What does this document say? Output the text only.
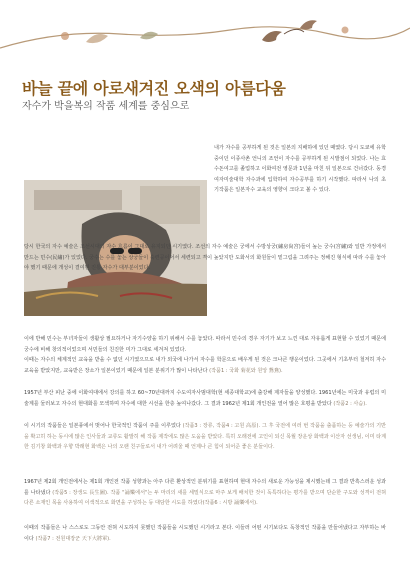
바늘 끝에 아로새겨진 오색의 아름다움

자수가 박을복의 작품 세계를 중심으로

내가 자수를 공부하게 된 것은 일본의 지배하에 있던 때였다. 당시 도쿄에 유학 중이던 이종사촌 언니의 조언이 자수를 공부하게 된 시발점이 되었다. 나는 효수돈여고를 졸업하고 이화여전 영문과 1년을 마친 뒤 일본으로 건너갔다. 동경여자미술대학 자수과에 입학하여 자수공부를 하기 시작했다. 따라서 나의 초기작품은 일본자수 교육의 영향이 크다고 볼 수 있다.

당시 한국의 자수 예술은 조선시대의 자수 흐름이 그대로 유지되던 시기였다. 조선의 자수 예술은 궁에서 수방상궁(繡房尙宮)들이 높는 궁수(宮繡)와 일반 가정에서 만드는 민수(民繡)가 있었다. 궁수는 수를 놓는 상궁들이 숙련공이어서 세련되고 격이 높았지만 도화서의 화원들이 밑그림을 그려주는 정해진 형식에 따라 수를 놓아야 했기 때문에 개성이 결여된 진통 자수가 대부분이었다.

이에 반해 민수는 부녀자들이 생활상 필요하거나 자기수양을 하기 위해서 수를 놓았다. 따라서 민수의 경우 자기가 보고 느낀 대로 자유롭게 표현할 수 있었기 때문에 궁수에 비해 창의적이었으며 서민들의 친진한 미가 그대로 세겨져 있었다.

이때는 자수의 체계적인 교육을 받을 수 없던 시기였으므로 내가 외국에 나가서 자수를 학문으로 배우게 된 것은 크나큰 행운이었다. 그곳에서 기초부터 철저히 자수 교육을 받았지만, 교육받은 장소가 일본이었기 때문에 일본 분위기가 많이 나타난다 (작품1 : 국화 菊花와 원앙 鴛鴦).

1957년 부산 피난 중에 이화여대에서 강의를 하고 60~70년대까지 수도여자사범대학(현 세종대학교)에 출강해 제자들을 양성했다. 1961년에는 미국과 유럽의 미술계를 둘러보고 자수의 현대화를 모색하며 자수에 대한 시선을 한층 높여나갔다. 그 결과 1962년 제1회 개인전을 열어 많은 호평을 받았다 (작품2 : 사슴).

이 시기의 작품들은 일본풍에서 벗어나 한국적인 작품이 주를 이루었다 (작품3 : 장류, 작품4 : 고원 高原). 그 후 국전에 여러 번 작품을 출품하는 등 예술가의 기반을 확고히 하는 동시에 많은 인사들과 교류도 활발히 해 작품 제작에도 많은 도움을 받았다. 특히 오래전에 고인이 되신 목월 장운상 화백과 이산자 선생님, 이미 타계한 김기창 화백과 우향 박래현 화백은 나의 오랜 친구들로서 내가 어려울 때 언제나 큰 힘이 되어준 좋은 분들이다.

1967년 제2회 개인전에서는 제1회 개인전 작품 성향과는 아주 다른 환상적인 분위기를 표현하며 현대 자수의 새로운 가능성을 제시했는데 그 결과 반흑스러운 성과를 나타냈다 (작품5 : 장생도 長生圖). 작품 "誦樂에서"는 두 마리의 새를 세밀식으로 마주 보게 배치한 것이 독특하다는 평가를 받으며 단순한 구도와 성격이 전혀 다른 소재인 목을 사용하여 이색적으로 화면을 구성하는 등 대담한 시도를 하였다(작품6 : 시방 誦樂에서).

이때의 작품들은 나 스스로도 그동안 전혀 시도하지 못했던 작품들을 시도했던 시기라고 본다. 이들러 어떤 시기보다도 독창적인 작품을 만들어냈다고 자부하는 바이다 (작품7 : 전원대장군 天下大將軍).
